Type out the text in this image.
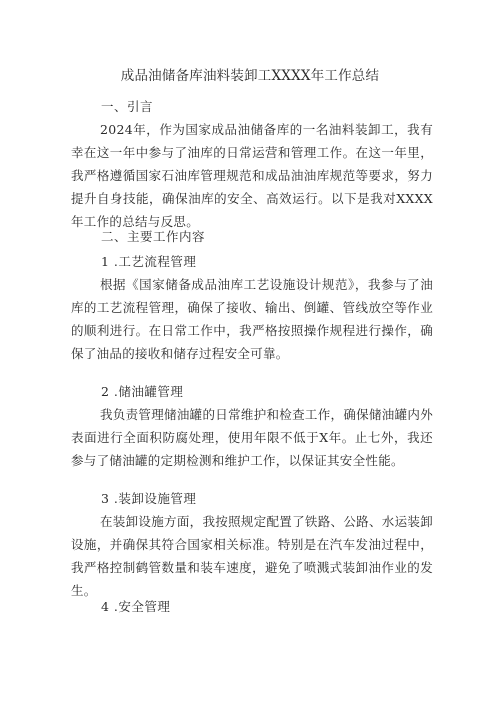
成品油储备库油料装卸工XXXX年工作总结
一、引言

2024年，作为国家成品油储备库的一名油料装卸工，我有幸在这一年中参与了油库的日常运营和管理工作。在这一年里，我严格遵循国家石油库管理规范和成品油油库规范等要求，努力提升自身技能，确保油库的安全、高效运行。以下是我对XXXX年工作的总结与反思。

二、主要工作内容
1 .工艺流程管理

根据《国家储备成品油库工艺设施设计规范》，我参与了油库的工艺流程管理，确保了接收、输出、倒罐、管线放空等作业的顺利进行。在日常工作中，我严格按照操作规程进行操作，确保了油品的接收和储存过程安全可靠。

2 .储油罐管理

我负责管理储油罐的日常维护和检查工作，确保储油罐内外表面进行全面积防腐处理，使用年限不低于X年。止七外，我还参与了储油罐的定期检测和维护工作，以保证其安全性能。

3 .装卸设施管理

在装卸设施方面，我按照规定配置了铁路、公路、水运装卸设施，并确保其符合国家相关标准。特别是在汽车发油过程中，我严格控制鹤管数量和装车速度，避免了喷溅式装卸油作业的发生。

4 .安全管理
